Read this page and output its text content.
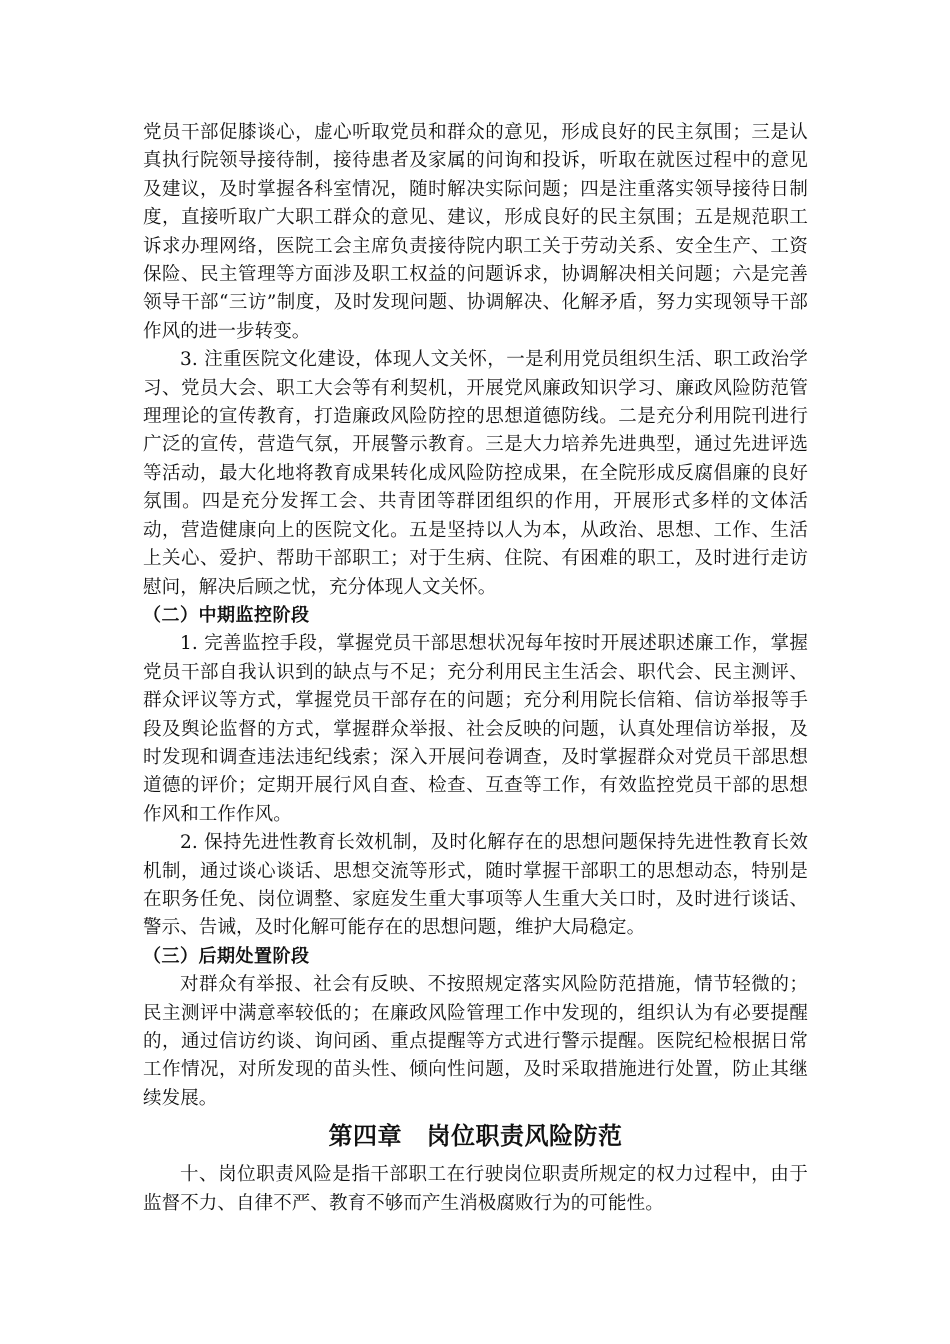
党员干部促膝谈心，虚心听取党员和群众的意见，形成良好的民主氛围；三是认真执行院领导接待制，接待患者及家属的问询和投诉，听取在就医过程中的意见及建议，及时掌握各科室情况，随时解决实际问题；四是注重落实领导接待日制度，直接听取广大职工群众的意见、建议，形成良好的民主氛围；五是规范职工诉求办理网络，医院工会主席负责接待院内职工关于劳动关系、安全生产、工资保险、民主管理等方面涉及职工权益的问题诉求，协调解决相关问题；六是完善领导干部“三访”制度，及时发现问题、协调解决、化解矛盾，努力实现领导干部作风的进一步转变。

3. 注重医院文化建设，体现人文关怀，一是利用党员组织生活、职工政治学习、党员大会、职工大会等有利契机，开展党风廉政知识学习、廉政风险防范管理理论的宣传教育，打造廉政风险防控的思想道德防线。二是充分利用院刊进行广泛的宣传，营造气氛，开展警示教育。三是大力培养先进典型，通过先进评选等活动，最大化地将教育成果转化成风险防控成果，在全院形成反腐倡廉的良好氛围。四是充分发挥工会、共青团等群团组织的作用，开展形式多样的文体活动，营造健康向上的医院文化。五是坚持以人为本，从政治、思想、工作、生活上关心、爱护、帮助干部职工；对于生病、住院、有困难的职工，及时进行走访慰问，解决后顾之忧，充分体现人文关怀。

（二）中期监控阶段

1. 完善监控手段，掌握党员干部思想状况每年按时开展述职述廉工作，掌握党员干部自我认识到的缺点与不足；充分利用民主生活会、职代会、民主测评、群众评议等方式，掌握党员干部存在的问题；充分利用院长信箱、信访举报等手段及舆论监督的方式，掌握群众举报、社会反映的问题，认真处理信访举报，及时发现和调查违法违纪线索；深入开展问卷调查，及时掌握群众对党员干部思想道德的评价；定期开展行风自查、检查、互查等工作，有效监控党员干部的思想作风和工作作风。

2. 保持先进性教育长效机制，及时化解存在的思想问题保持先进性教育长效机制，通过谈心谈话、思想交流等形式，随时掌握干部职工的思想动态，特别是在职务任免、岗位调整、家庭发生重大事项等人生重大关口时，及时进行谈话、警示、告诫，及时化解可能存在的思想问题，维护大局稳定。

（三）后期处置阶段

对群众有举报、社会有反映、不按照规定落实风险防范措施，情节轻微的；民主测评中满意率较低的；在廉政风险管理工作中发现的，组织认为有必要提醒的，通过信访约谈、询问函、重点提醒等方式进行警示提醒。医院纪检根据日常工作情况，对所发现的苗头性、倾向性问题，及时采取措施进行处置，防止其继续发展。

第四章　岗位职责风险防范

十、岗位职责风险是指干部职工在行驶岗位职责所规定的权力过程中，由于监督不力、自律不严、教育不够而产生消极腐败行为的可能性。
